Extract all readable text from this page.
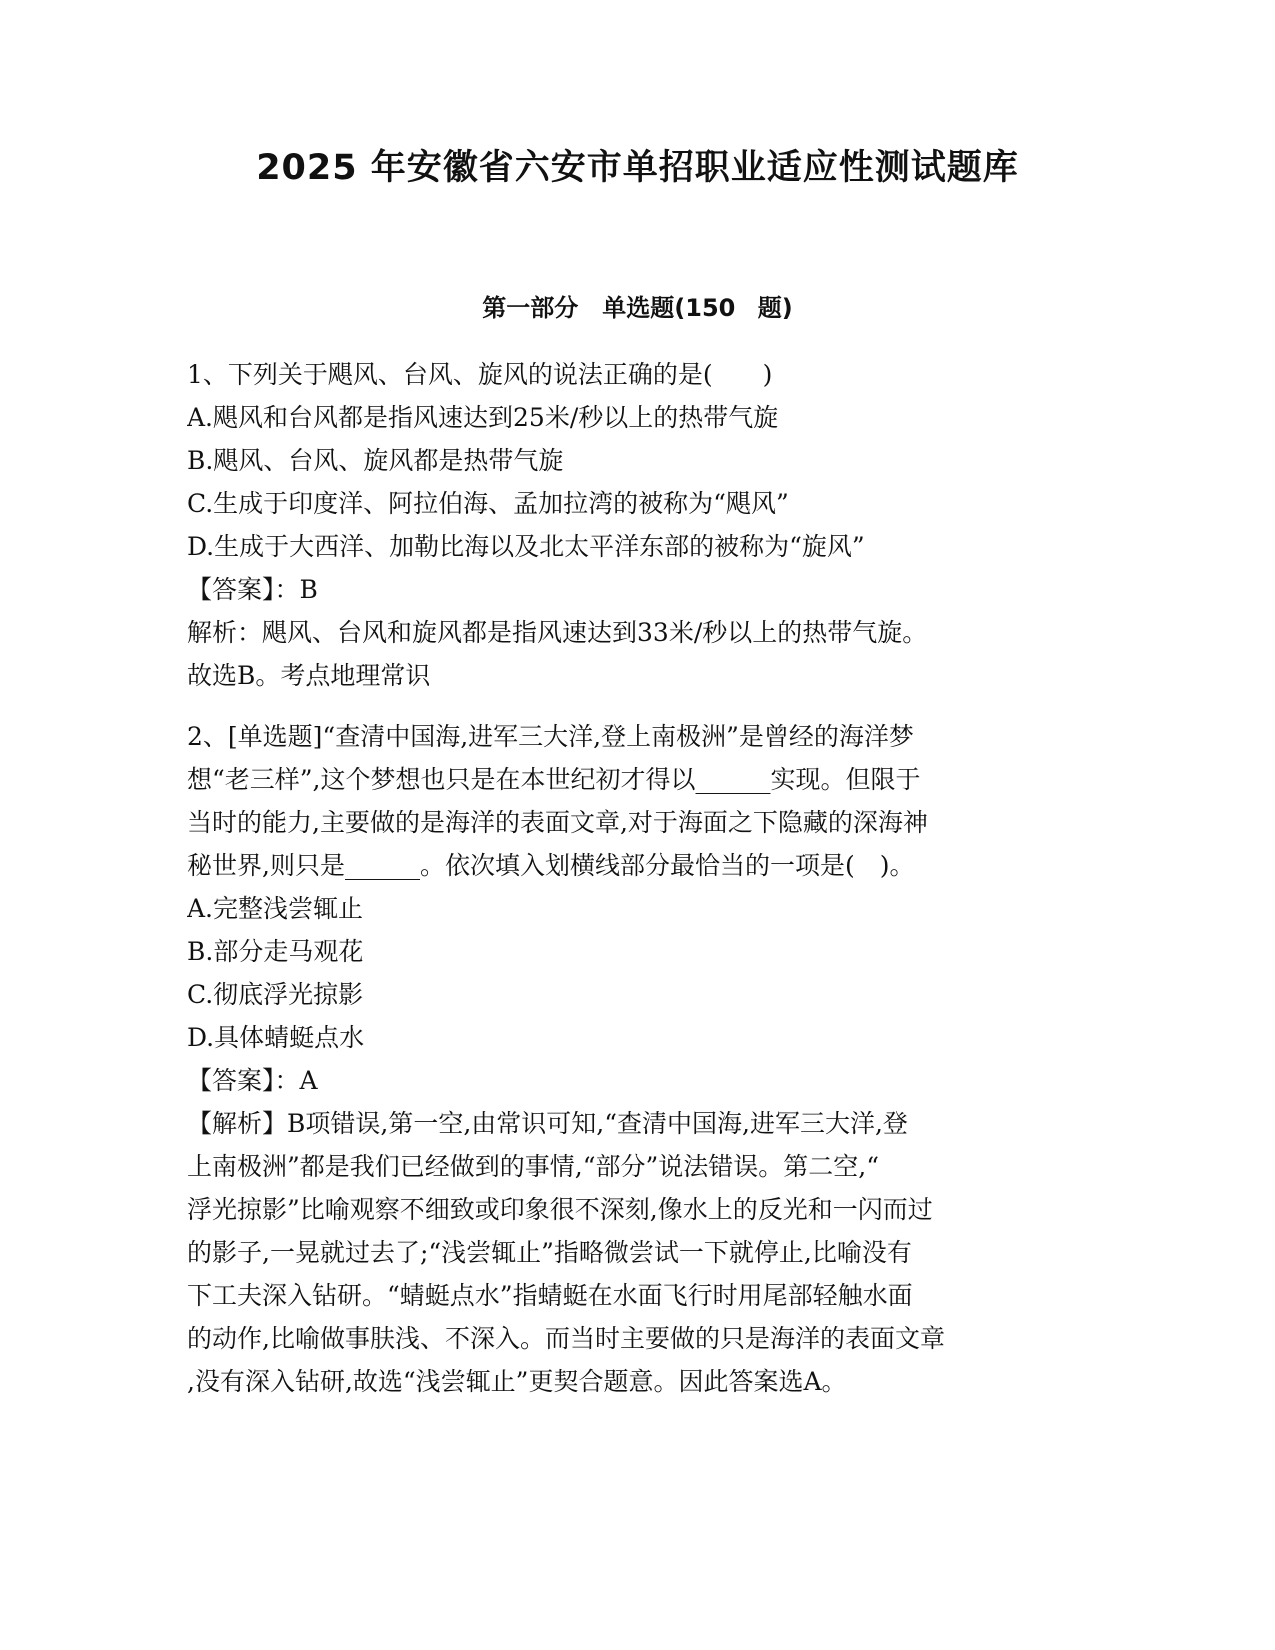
2025 年安徽省六安市单招职业适应性测试题库
第一部分　单选题(150 题)

1、下列关于飓风、台风、旋风的说法正确的是(　　)

A.飓风和台风都是指风速达到25米/秒以上的热带气旋

B.飓风、台风、旋风都是热带气旋

C.生成于印度洋、阿拉伯海、孟加拉湾的被称为“飓风”

D.生成于大西洋、加勒比海以及北太平洋东部的被称为“旋风”

【答案】：B

解析：飓风、台风和旋风都是指风速达到33米/秒以上的热带气旋。

故选B。考点地理常识

2、[单选题]“查清中国海,进军三大洋,登上南极洲”是曾经的海洋梦

想“老三样”,这个梦想也只是在本世纪初才得以______实现。但限于

当时的能力,主要做的是海洋的表面文章,对于海面之下隐藏的深海神

秘世界,则只是______。依次填入划横线部分最恰当的一项是(　)。

A.完整浅尝辄止

B.部分走马观花

C.彻底浮光掠影

D.具体蜻蜓点水

【答案】：A

【解析】B项错误,第一空,由常识可知,“查清中国海,进军三大洋,登

上南极洲”都是我们已经做到的事情,“部分”说法错误。第二空,“

浮光掠影”比喻观察不细致或印象很不深刻,像水上的反光和一闪而过

的影子,一晃就过去了;“浅尝辄止”指略微尝试一下就停止,比喻没有

下工夫深入钻研。“蜻蜓点水”指蜻蜓在水面飞行时用尾部轻触水面

的动作,比喻做事肤浅、不深入。而当时主要做的只是海洋的表面文章

,没有深入钻研,故选“浅尝辄止”更契合题意。因此答案选A。
